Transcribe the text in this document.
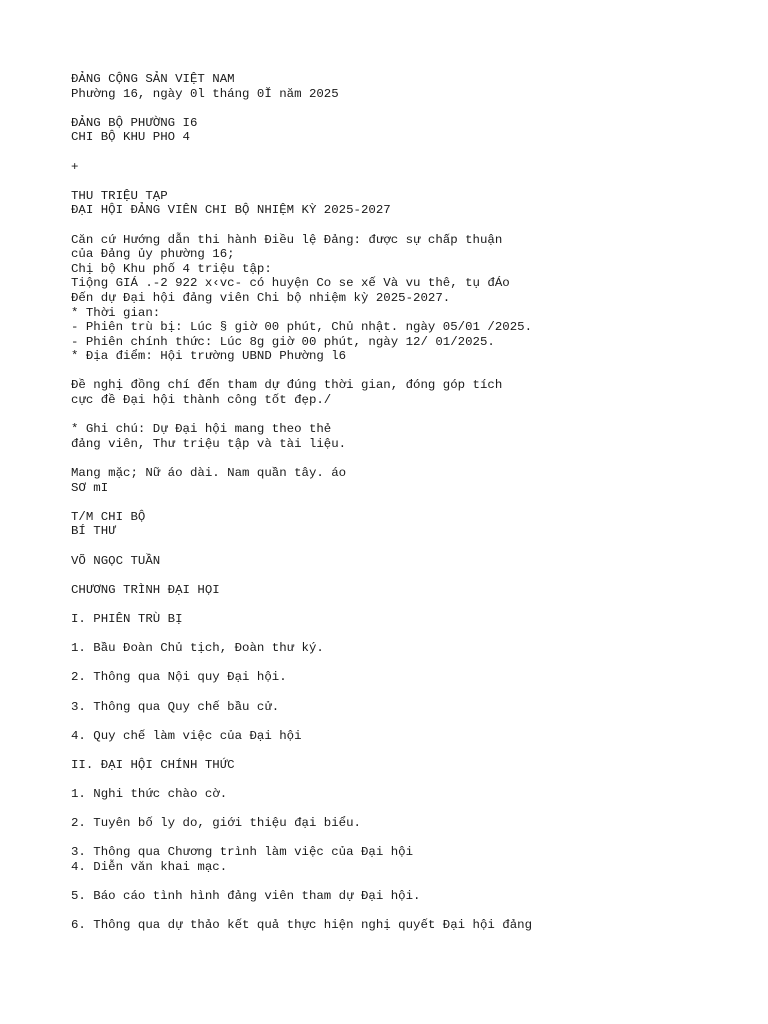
ĐẢNG CỘNG SẢN VIỆT NAM
Phường 16, ngày 0l tháng 0Ĭ năm 2025
ĐẢNG BỘ PHƯỜNG I6
CHI BỘ KHU PHO 4
+
THU TRIỆU TẠP
ĐẠI HỘI ĐẢNG VIÊN CHI BỘ NHIỆM KỲ 2025-2027
Căn cứ Hướng dẫn thi hành Điều lệ Đảng: được sự chấp thuận
của Đảng ủy phường 16;
Chị bộ Khu phố 4 triệu tập:
Tiộng GIÁ .-2 922 x‹vc- có huyện Co se xế Và vu thê, tụ đÁo
Đến dự Đại hội đảng viên Chi bộ nhiệm kỳ 2025-2027.
* Thời gian:
- Phiên trù bị: Lúc § giờ 00 phút, Chủ nhật. ngày 05/01 /2025.
- Phiên chính thức: Lúc 8g giờ 00 phút, ngày 12/ 01/2025.
* Địa điểm: Hội trường UBND Phường l6
Đề nghị đồng chí đến tham dự đúng thời gian, đóng góp tích
cực đề Đại hội thành công tốt đẹp./
* Ghi chú: Dự Đại hội mang theo thẻ
đảng viên, Thư triệu tập và tài liệu.
Mang mặc; Nữ áo dài. Nam quần tây. áo
SƠ mI
T/M CHI BỘ
BÍ THƯ
VÕ NGỌC TUẦN
CHƯƠNG TRÌNH ĐẠI HỌI
I. PHIÊN TRÙ BỊ
1. Bầu Đoàn Chủ tịch, Đoàn thư ký.
2. Thông qua Nội quy Đại hội.
3. Thông qua Quy chế bầu cử.
4. Quy chế làm việc của Đại hội
II. ĐẠI HỘI CHÍNH THỨC
1. Nghi thức chào cờ.
2. Tuyên bố ly do, giới thiệu đại biểu.
3. Thông qua Chương trình làm việc của Đại hội
4. Diễn văn khai mạc.
5. Báo cáo tình hình đảng viên tham dự Đại hội.
6. Thông qua dự thảo kết quả thực hiện nghị quyết Đại hội đảng
